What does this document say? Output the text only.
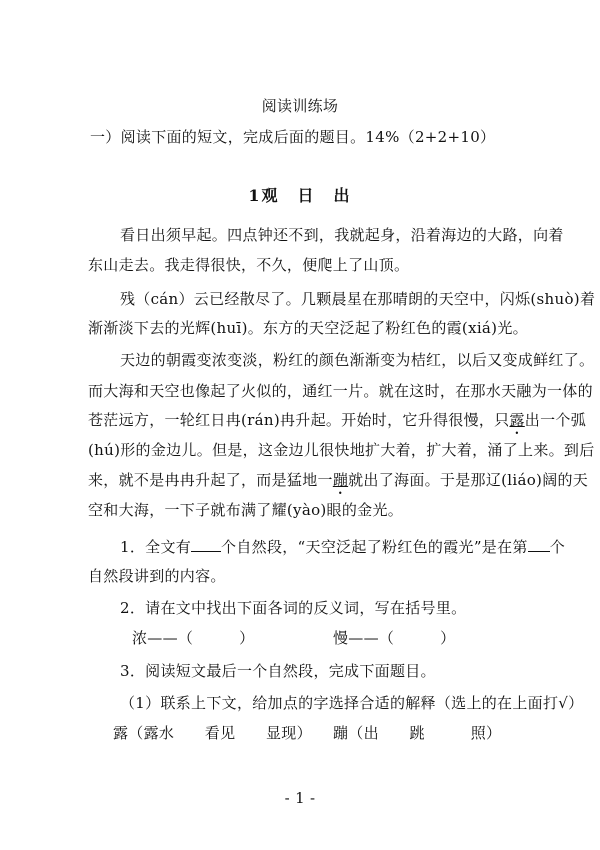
阅读训练场
一）阅读下面的短文，完成后面的题目。14%（2+2+10）
1观　日　出
看日出须早起。四点钟还不到，我就起身，沿着海边的大路，向着
东山走去。我走得很快，不久，便爬上了山顶。
残（cán）云已经散尽了。几颗晨星在那晴朗的天空中，闪烁(shuò)着
渐渐淡下去的光辉(huī)。东方的天空泛起了粉红色的霞(xiá)光。
天边的朝霞变浓变淡，粉红的颜色渐渐变为桔红，以后又变成鲜红了。
而大海和天空也像起了火似的，通红一片。就在这时，在那水天融为一体的
苍茫远方，一轮红日冉(rán)冉升起。开始时，它升得很慢，只露出一个弧
(hú)形的金边儿。但是，这金边儿很快地扩大着，扩大着，涌了上来。到后
来，就不是冉冉升起了，而是猛地一蹦就出了海面。于是那辽(liáo)阔的天
空和大海，一下子就布满了耀(yào)眼的金光。
1．全文有 个自然段，“天空泛起了粉红色的霞光”是在第 个
自然段讲到的内容。
2．请在文中找出下面各词的反义词，写在括号里。
浓——（　　　）	慢——（　　　）
3．阅读短文最后一个自然段，完成下面题目。
（1）联系上下文，给加点的字选择合适的解释（选上的在上面打√）
露（露水　　看见　　显现） 蹦（出　　跳　　　照）
- 1 -
